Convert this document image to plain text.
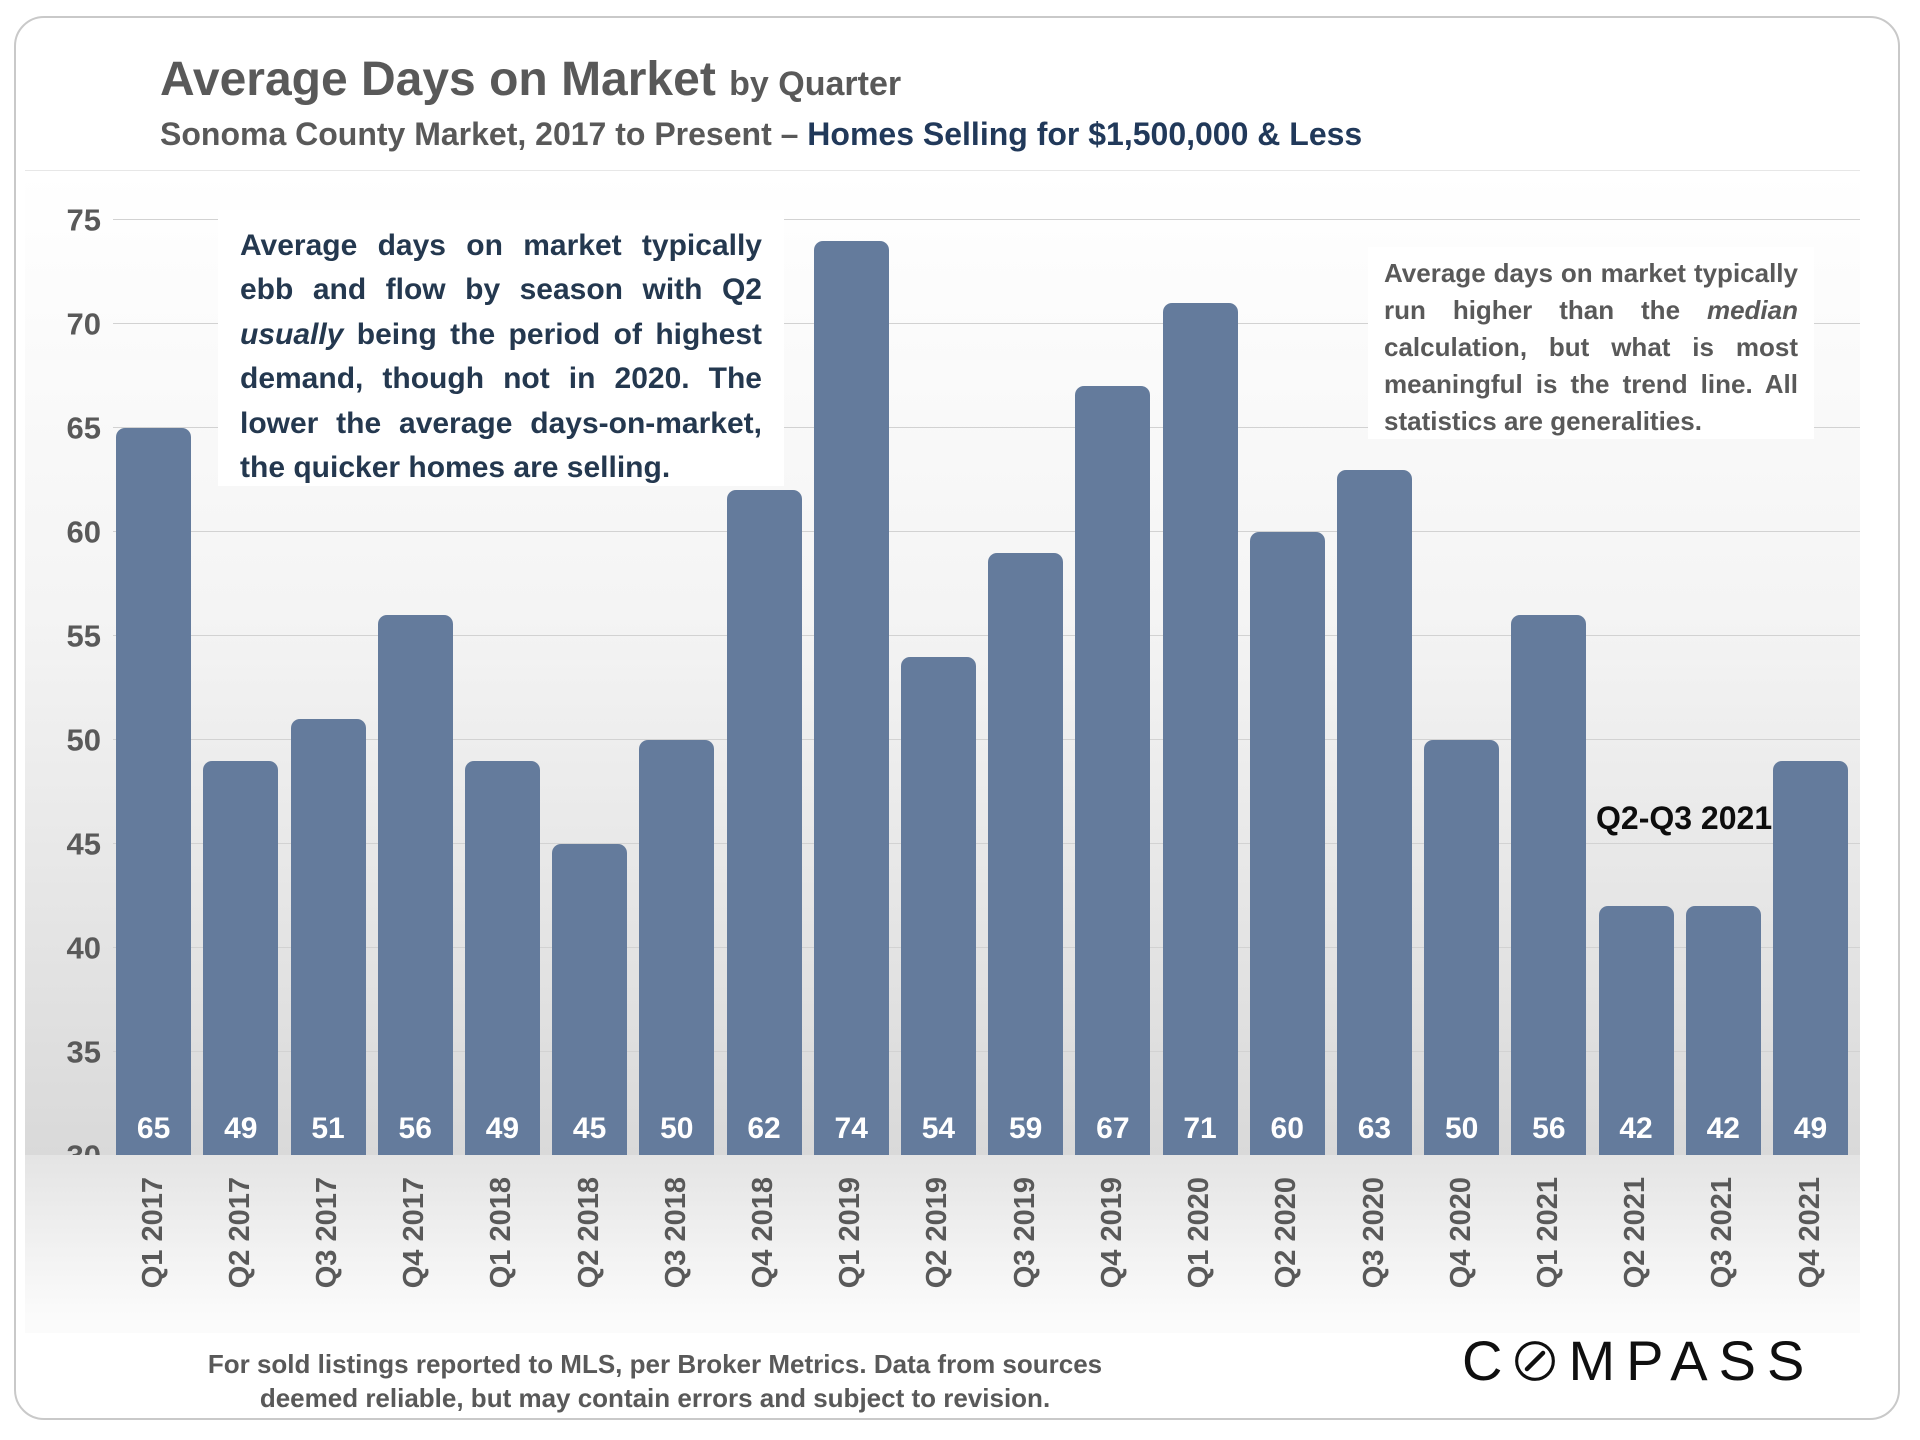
Average Days on Market by Quarter
Sonoma County Market, 2017 to Present – Homes Selling for $1,500,000 & Less
35
40
45
50
55
60
65
70
75
65	49	51	56	49	45	50	62	74	54	59	67	71	60	63	50	56	42	42	49
Q1 2017 Q2 2017 Q3 2017 Q4 2017 Q1 2018 Q2 2018 Q3 2018 Q4 2018 Q1 2019 Q2 2019 Q3 2019 Q4 2019 Q1 2020 Q2 2020 Q3 2020 Q4 2020 Q1 2021 Q2 2021 Q3 2021 Q4 2021
Average days on market typically ebb and flow by season with Q2 usually being the period of highest demand, though not in 2020. The lower the average days-on-market, the quicker homes are selling.
Average days on market typically run higher than the median calculation, but what is most meaningful is the trend line. All statistics are generalities.
Q2-Q3 2021
For sold listings reported to MLS, per Broker Metrics. Data from sources deemed reliable, but may contain errors and subject to revision.
C MPASS
